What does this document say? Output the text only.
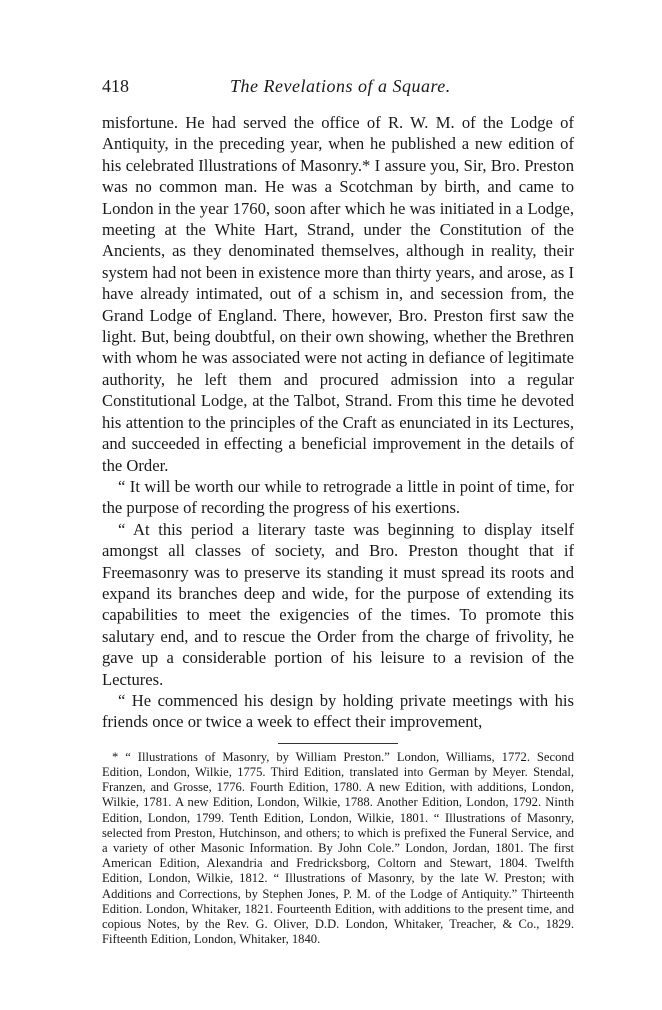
418	The Revelations of a Square.

misfortune. He had served the office of R. W. M. of the Lodge of Antiquity, in the preceding year, when he published a new edition of his celebrated Illustrations of Masonry.* I assure you, Sir, Bro. Preston was no common man. He was a Scotchman by birth, and came to London in the year 1760, soon after which he was initiated in a Lodge, meeting at the White Hart, Strand, under the Constitution of the Ancients, as they denominated themselves, although in reality, their system had not been in existence more than thirty years, and arose, as I have already intimated, out of a schism in, and secession from, the Grand Lodge of England. There, however, Bro. Preston first saw the light. But, being doubtful, on their own showing, whether the Brethren with whom he was associated were not acting in defiance of legitimate authority, he left them and procured admission into a regular Constitutional Lodge, at the Talbot, Strand. From this time he devoted his attention to the principles of the Craft as enunciated in its Lectures, and succeeded in effecting a beneficial improvement in the details of the Order.

“ It will be worth our while to retrograde a little in point of time, for the purpose of recording the progress of his exertions.

“ At this period a literary taste was beginning to display itself amongst all classes of society, and Bro. Preston thought that if Freemasonry was to preserve its standing it must spread its roots and expand its branches deep and wide, for the purpose of extending its capabilities to meet the exigencies of the times. To promote this salutary end, and to rescue the Order from the charge of frivolity, he gave up a considerable portion of his leisure to a revision of the Lectures.

“ He commenced his design by holding private meetings with his friends once or twice a week to effect their improvement,

* “ Illustrations of Masonry, by William Preston.” London, Williams, 1772. Second Edition, London, Wilkie, 1775. Third Edition, translated into German by Meyer. Stendal, Franzen, and Grosse, 1776. Fourth Edition, 1780. A new Edition, with additions, London, Wilkie, 1781. A new Edition, London, Wilkie, 1788. Another Edition, London, 1792. Ninth Edition, London, 1799. Tenth Edition, London, Wilkie, 1801. “ Illustrations of Masonry, selected from Preston, Hutchinson, and others; to which is prefixed the Funeral Service, and a variety of other Masonic Information. By John Cole.” London, Jordan, 1801. The first American Edition, Alexandria and Fredricksborg, Coltorn and Stewart, 1804. Twelfth Edition, London, Wilkie, 1812. “ Illustrations of Masonry, by the late W. Preston; with Additions and Corrections, by Stephen Jones, P. M. of the Lodge of Antiquity.” Thirteenth Edition. London, Whitaker, 1821. Fourteenth Edition, with additions to the present time, and copious Notes, by the Rev. G. Oliver, D.D. London, Whitaker, Treacher, & Co., 1829. Fifteenth Edition, London, Whitaker, 1840.
